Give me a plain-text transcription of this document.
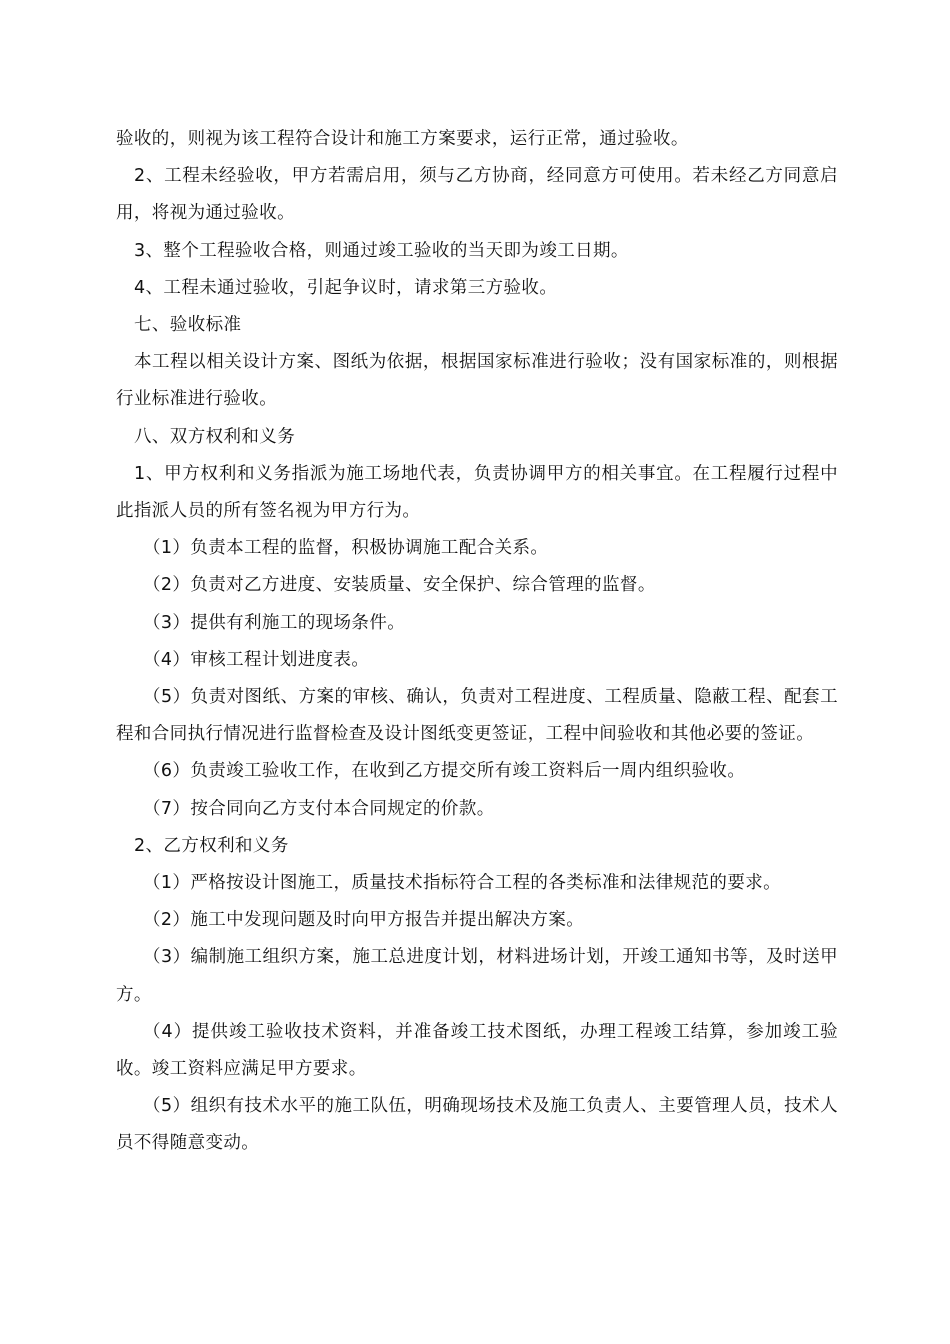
验收的，则视为该工程符合设计和施工方案要求，运行正常，通过验收。

2、工程未经验收，甲方若需启用，须与乙方协商，经同意方可使用。若未经乙方同意启用，将视为通过验收。

3、整个工程验收合格，则通过竣工验收的当天即为竣工日期。

4、工程未通过验收，引起争议时，请求第三方验收。

七、验收标准

本工程以相关设计方案、图纸为依据，根据国家标准进行验收；没有国家标准的，则根据行业标准进行验收。

八、双方权利和义务

1、甲方权利和义务指派为施工场地代表，负责协调甲方的相关事宜。在工程履行过程中此指派人员的所有签名视为甲方行为。

（1）负责本工程的监督，积极协调施工配合关系。

（2）负责对乙方进度、安装质量、安全保护、综合管理的监督。

（3）提供有利施工的现场条件。

（4）审核工程计划进度表。

（5）负责对图纸、方案的审核、确认，负责对工程进度、工程质量、隐蔽工程、配套工程和合同执行情况进行监督检查及设计图纸变更签证，工程中间验收和其他必要的签证。

（6）负责竣工验收工作，在收到乙方提交所有竣工资料后一周内组织验收。

（7）按合同向乙方支付本合同规定的价款。

2、乙方权利和义务

（1）严格按设计图施工，质量技术指标符合工程的各类标准和法律规范的要求。

（2）施工中发现问题及时向甲方报告并提出解决方案。

（3）编制施工组织方案，施工总进度计划，材料进场计划，开竣工通知书等，及时送甲方。

（4）提供竣工验收技术资料，并准备竣工技术图纸，办理工程竣工结算，参加竣工验收。竣工资料应满足甲方要求。

（5）组织有技术水平的施工队伍，明确现场技术及施工负责人、主要管理人员，技术人员不得随意变动。
